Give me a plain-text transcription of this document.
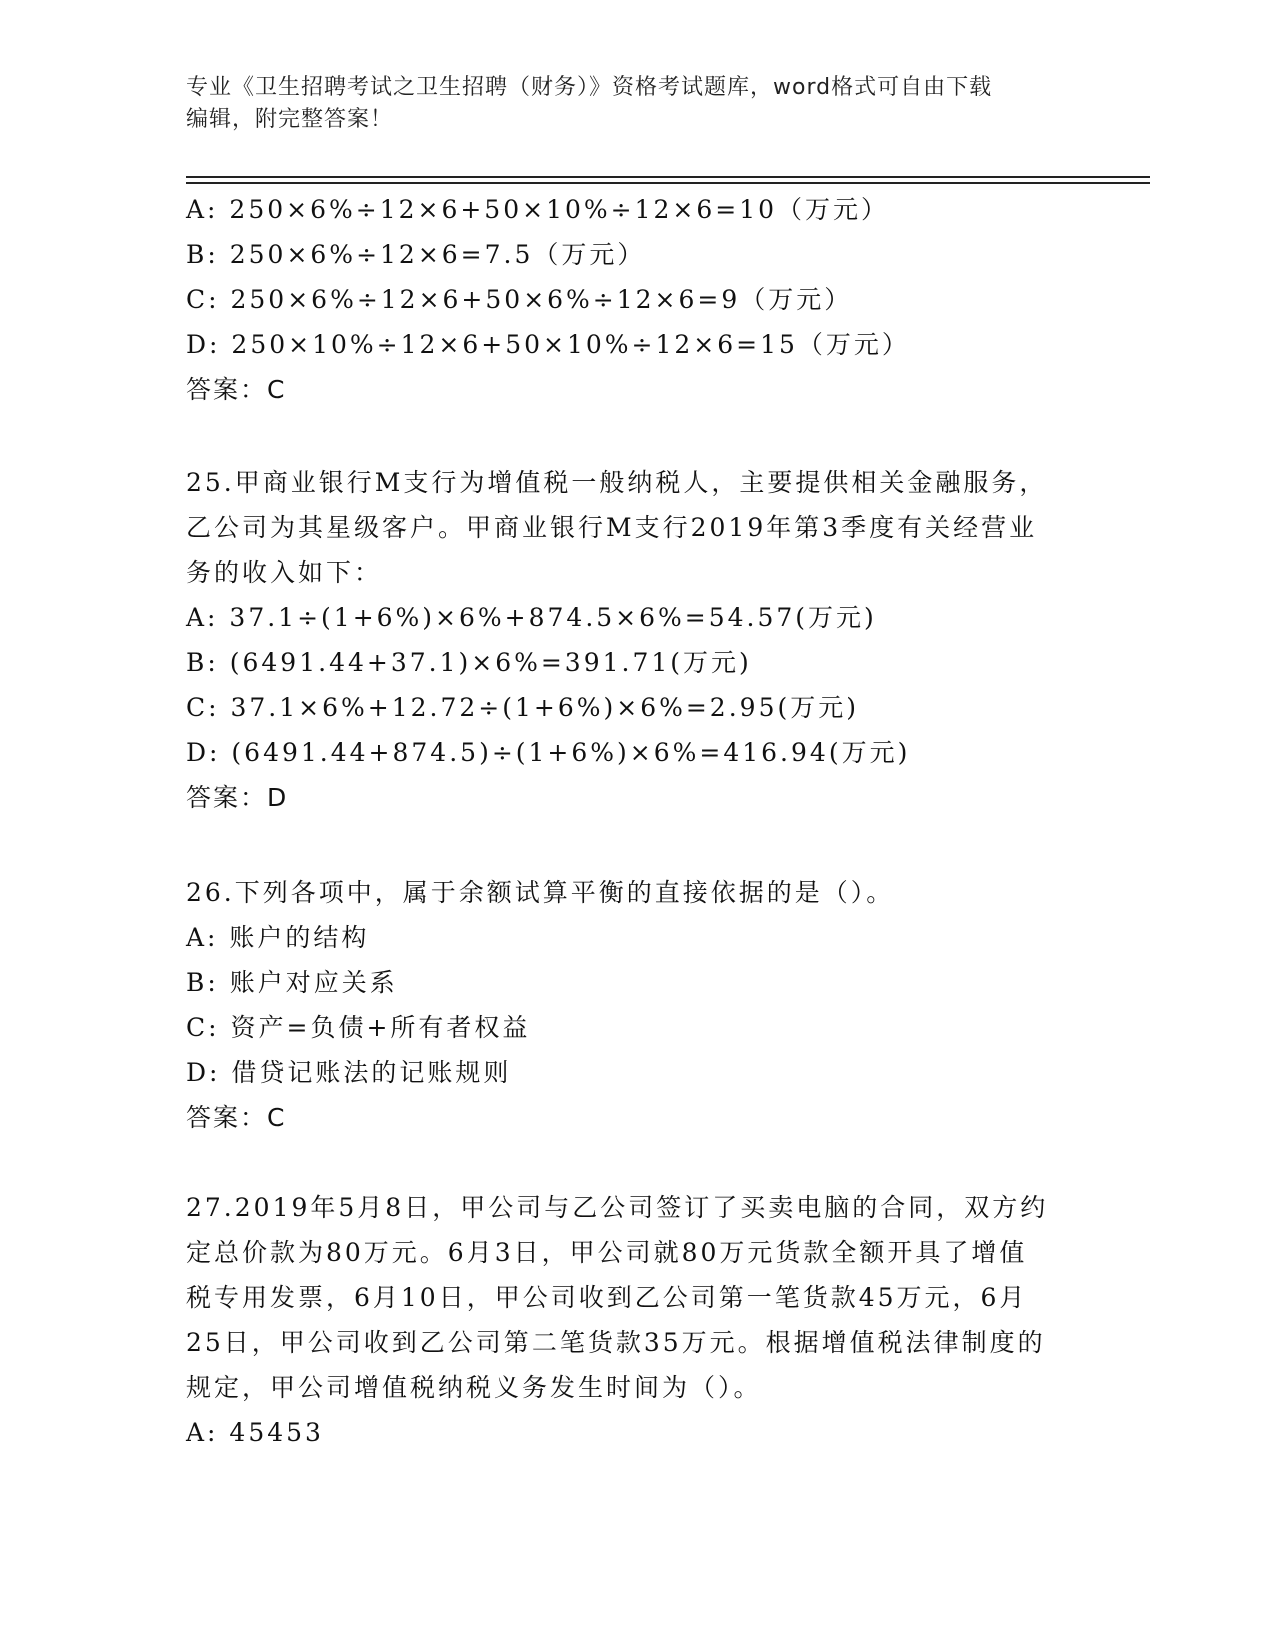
专业《卫生招聘考试之卫生招聘（财务）》资格考试题库，word格式可自由下载
编辑，附完整答案！
A: 250×6%÷12×6+50×10%÷12×6=10（万元）
B: 250×6%÷12×6=7.5（万元）
C: 250×6%÷12×6+50×6%÷12×6=9（万元）
D: 250×10%÷12×6+50×10%÷12×6=15（万元）
答案：C
25.甲商业银行M支行为增值税一般纳税人，主要提供相关金融服务，
乙公司为其星级客户。甲商业银行M支行2019年第3季度有关经营业
务的收入如下：
A: 37.1÷(1+6%)×6%+874.5×6%=54.57(万元)
B: (6491.44+37.1)×6%=391.71(万元)
C: 37.1×6%+12.72÷(1+6%)×6%=2.95(万元)
D: (6491.44+874.5)÷(1+6%)×6%=416.94(万元)
答案：D
26.下列各项中，属于余额试算平衡的直接依据的是（）。
A: 账户的结构
B: 账户对应关系
C: 资产=负债+所有者权益
D: 借贷记账法的记账规则
答案：C
27.2019年5月8日，甲公司与乙公司签订了买卖电脑的合同，双方约
定总价款为80万元。6月3日，甲公司就80万元货款全额开具了增值
税专用发票，6月10日，甲公司收到乙公司第一笔货款45万元，6月
25日，甲公司收到乙公司第二笔货款35万元。根据增值税法律制度的
规定，甲公司增值税纳税义务发生时间为（）。
A: 45453
